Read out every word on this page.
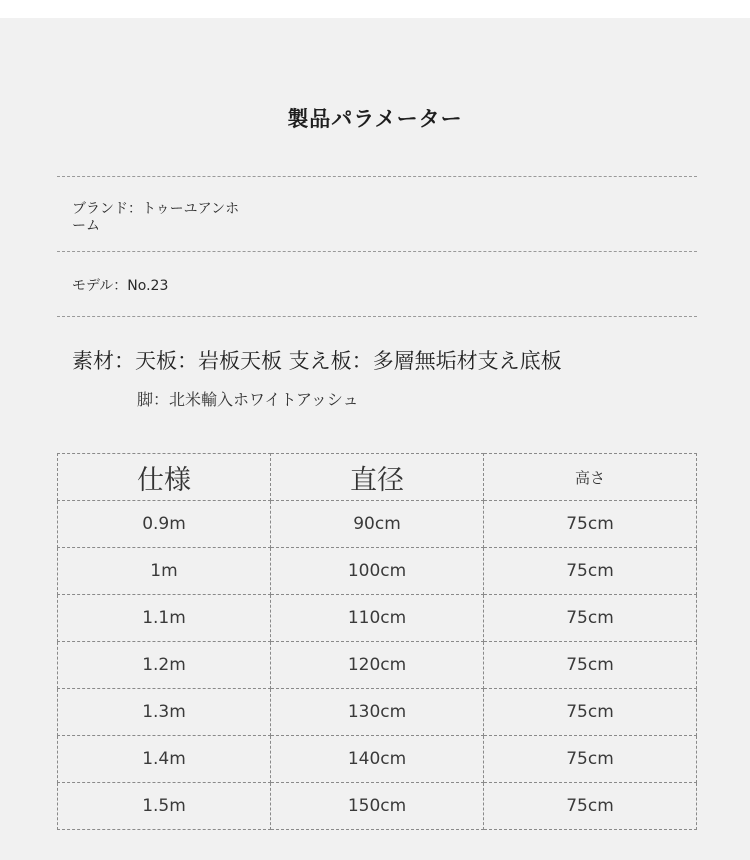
製品パラメーター
ブランド：トゥーユアンホーム
モデル：No.23
素材：天板：岩板天板 支え板：多層無垢材支え底板
脚：北米輸入ホワイトアッシュ
仕様	直径	高さ
0.9m	90cm	75cm
1m	100cm	75cm
1.1m	110cm	75cm
1.2m	120cm	75cm
1.3m	130cm	75cm
1.4m	140cm	75cm
1.5m	150cm	75cm
